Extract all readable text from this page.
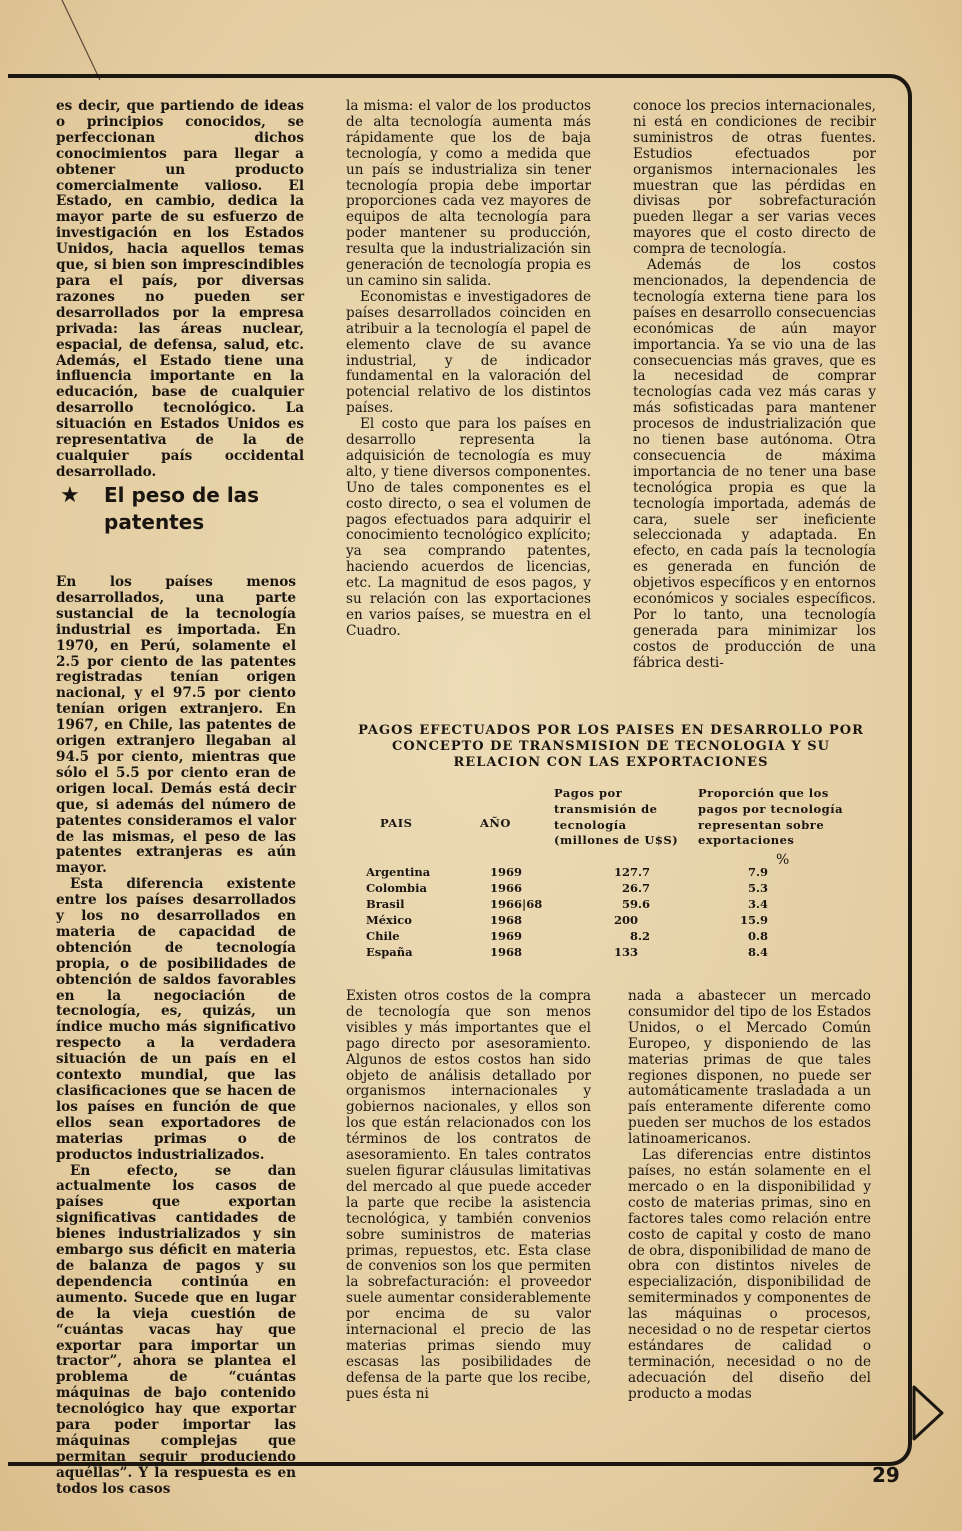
es decir, que partiendo de ideas o principios conocidos, se perfeccionan dichos conocimientos para llegar a obtener un producto comercialmente valioso. El Estado, en cambio, dedica la mayor parte de su esfuerzo de investigación en los Estados Unidos, hacia aquellos temas que, si bien son imprescindibles para el país, por diversas razones no pueden ser desarrollados por la empresa privada: las áreas nuclear, espacial, de defensa, salud, etc. Además, el Estado tiene una influencia importante en la educación, base de cualquier desarrollo tecnológico. La situación en Estados Unidos es representativa de la de cualquier país occidental desarrollado.

★ El peso de las patentes

En los países menos desarrollados, una parte sustancial de la tecnología industrial es importada. En 1970, en Perú, solamente el 2.5 por ciento de las patentes registradas tenían origen nacional, y el 97.5 por ciento tenían origen extranjero. En 1967, en Chile, las patentes de origen extranjero llegaban al 94.5 por ciento, mientras que sólo el 5.5 por ciento eran de origen local. Demás está decir que, si además del número de patentes consideramos el valor de las mismas, el peso de las patentes extranjeras es aún mayor.

Esta diferencia existente entre los países desarrollados y los no desarrollados en materia de capacidad de obtención de tecnología propia, o de posibilidades de obtención de saldos favorables en la negociación de tecnología, es, quizás, un índice mucho más significativo respecto a la verdadera situación de un país en el contexto mundial, que las clasificaciones que se hacen de los países en función de que ellos sean exportadores de materias primas o de productos industrializados.

En efecto, se dan actualmente los casos de países que exportan significativas cantidades de bienes industrializados y sin embargo sus déficit en materia de balanza de pagos y su dependencia continúa en aumento. Sucede que en lugar de la vieja cuestión de “cuántas vacas hay que exportar para importar un tractor”, ahora se plantea el problema de “cuántas máquinas de bajo contenido tecnológico hay que exportar para poder importar las máquinas complejas que permitan seguir produciendo aquéllas”. Y la respuesta es en todos los casos

la misma: el valor de los productos de alta tecnología aumenta más rápidamente que los de baja tecnología, y como a medida que un país se industrializa sin tener tecnología propia debe importar proporciones cada vez mayores de equipos de alta tecnología para poder mantener su producción, resulta que la industrialización sin generación de tecnología propia es un camino sin salida.

Economistas e investigadores de países desarrollados coinciden en atribuir a la tecnología el papel de elemento clave de su avance industrial, y de indicador fundamental en la valoración del potencial relativo de los distintos países.

El costo que para los países en desarrollo representa la adquisición de tecnología es muy alto, y tiene diversos componentes. Uno de tales componentes es el costo directo, o sea el volumen de pagos efectuados para adquirir el conocimiento tecnológico explícito; ya sea comprando patentes, haciendo acuerdos de licencias, etc. La magnitud de esos pagos, y su relación con las exportaciones en varios países, se muestra en el Cuadro.

conoce los precios internacionales, ni está en condiciones de recibir suministros de otras fuentes. Estudios efectuados por organismos internacionales les muestran que las pérdidas en divisas por sobrefacturación pueden llegar a ser varias veces mayores que el costo directo de compra de tecnología.

Además de los costos mencionados, la dependencia de tecnología externa tiene para los países en desarrollo consecuencias económicas de aún mayor importancia. Ya se vio una de las consecuencias más graves, que es la necesidad de comprar tecnologías cada vez más caras y más sofisticadas para mantener procesos de industrialización que no tienen base autónoma. Otra consecuencia de máxima importancia de no tener una base tecnológica propia es que la tecnología importada, además de cara, suele ser ineficiente seleccionada y adaptada. En efecto, en cada país la tecnología es generada en función de objetivos específicos y en entornos económicos y sociales específicos. Por lo tanto, una tecnología generada para minimizar los costos de producción de una fábrica desti-

PAGOS EFECTUADOS POR LOS PAISES EN DESARROLLO POR CONCEPTO DE TRANSMISION DE TECNOLOGIA Y SU RELACION CON LAS EXPORTACIONES
PAIS	AÑO
Pagos por transmisión de tecnología (millones de U$S)
Proporción que los pagos por tecnología representan sobre exportaciones
%
Argentina	1969	127.7	7.9
Colombia	1966	26.7	5.3
Brasil	1966|68	59.6	3.4
México	1968	200	15.9
Chile	1969	8.2	0.8
España	1968	133	8.4

Existen otros costos de la compra de tecnología que son menos visibles y más importantes que el pago directo por asesoramiento. Algunos de estos costos han sido objeto de análisis detallado por organismos internacionales y gobiernos nacionales, y ellos son los que están relacionados con los términos de los contratos de asesoramiento. En tales contratos suelen figurar cláusulas limitativas del mercado al que puede acceder la parte que recibe la asistencia tecnológica, y también convenios sobre suministros de materias primas, repuestos, etc. Esta clase de convenios son los que permiten la sobrefacturación: el proveedor suele aumentar considerablemente por encima de su valor internacional el precio de las materias primas siendo muy escasas las posibilidades de defensa de la parte que los recibe, pues ésta ni

nada a abastecer un mercado consumidor del tipo de los Estados Unidos, o el Mercado Común Europeo, y disponiendo de las materias primas de que tales regiones disponen, no puede ser automáticamente trasladada a un país enteramente diferente como pueden ser muchos de los estados latinoamericanos.

Las diferencias entre distintos países, no están solamente en el mercado o en la disponibilidad y costo de materias primas, sino en factores tales como relación entre costo de capital y costo de mano de obra, disponibilidad de mano de obra con distintos niveles de especialización, disponibilidad de semiterminados y componentes de las máquinas o procesos, necesidad o no de respetar ciertos estándares de calidad o terminación, necesidad o no de adecuación del diseño del producto a modas

29
